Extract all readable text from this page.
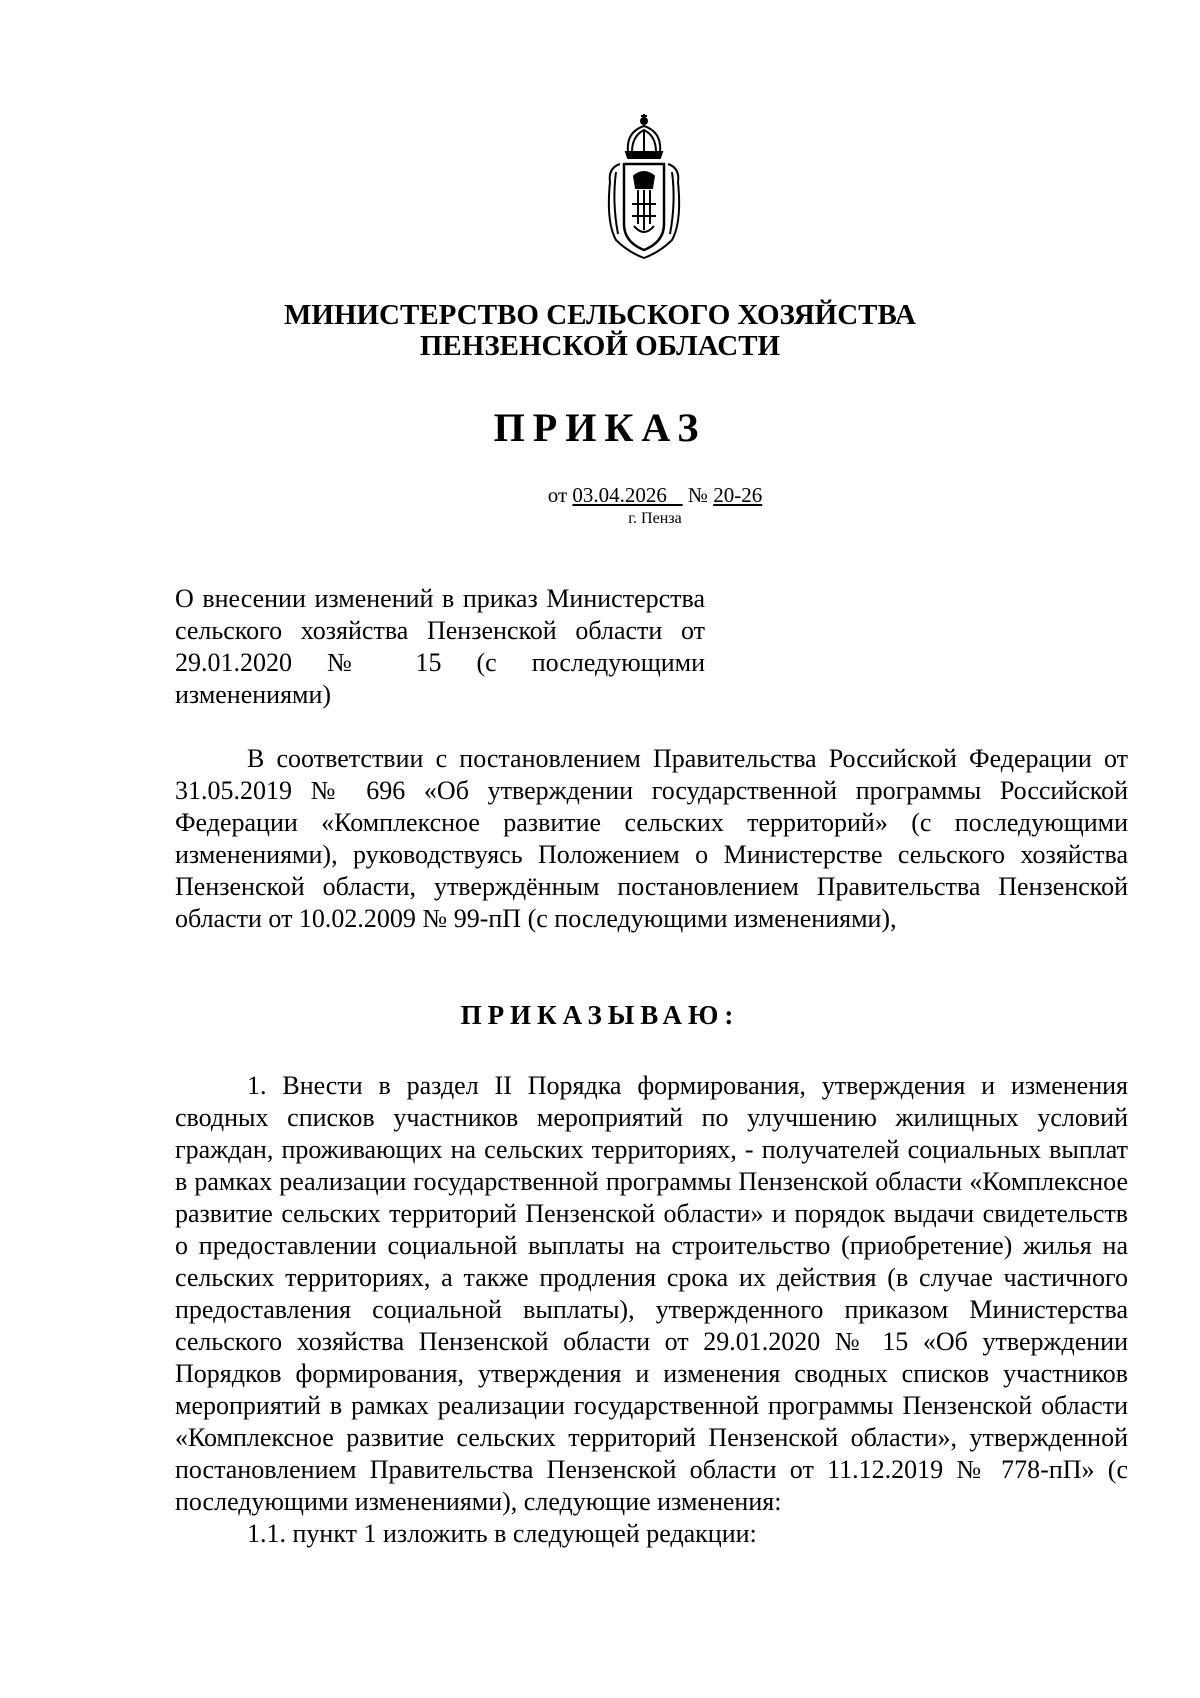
МИНИСТЕРСТВО СЕЛЬСКОГО ХОЗЯЙСТВА
ПЕНЗЕНСКОЙ ОБЛАСТИ
ПРИКАЗ
от 03.04.2026 № 20-26
г. Пенза
О внесении изменений в приказ Министерства сельского хозяйства Пензенской области от 29.01.2020 № 15 (с последующими изменениями)

В соответствии с постановлением Правительства Российской Федерации от 31.05.2019 № 696 «Об утверждении государственной программы Российской Федерации «Комплексное развитие сельских территорий» (с последующими изменениями), руководствуясь Положением о Министерстве сельского хозяйства Пензенской области, утверждённым постановлением Правительства Пензенской области от 10.02.2009 № 99-пП (с последующими изменениями),

ПРИКАЗЫВАЮ:

1. Внести в раздел II Порядка формирования, утверждения и изменения сводных списков участников мероприятий по улучшению жилищных условий граждан, проживающих на сельских территориях, - получателей социальных выплат в рамках реализации государственной программы Пензенской области «Комплексное развитие сельских территорий Пензенской области» и порядок выдачи свидетельств о предоставлении социальной выплаты на строительство (приобретение) жилья на сельских территориях, а также продления срока их действия (в случае частичного предоставления социальной выплаты), утвержденного приказом Министерства сельского хозяйства Пензенской области от 29.01.2020 № 15 «Об утверждении Порядков формирования, утверждения и изменения сводных списков участников мероприятий в рамках реализации государственной программы Пензенской области «Комплексное развитие сельских территорий Пензенской области», утвержденной постановлением Правительства Пензенской области от 11.12.2019 № 778-пП» (с последующими изменениями), следующие изменения:

1.1. пункт 1 изложить в следующей редакции:
